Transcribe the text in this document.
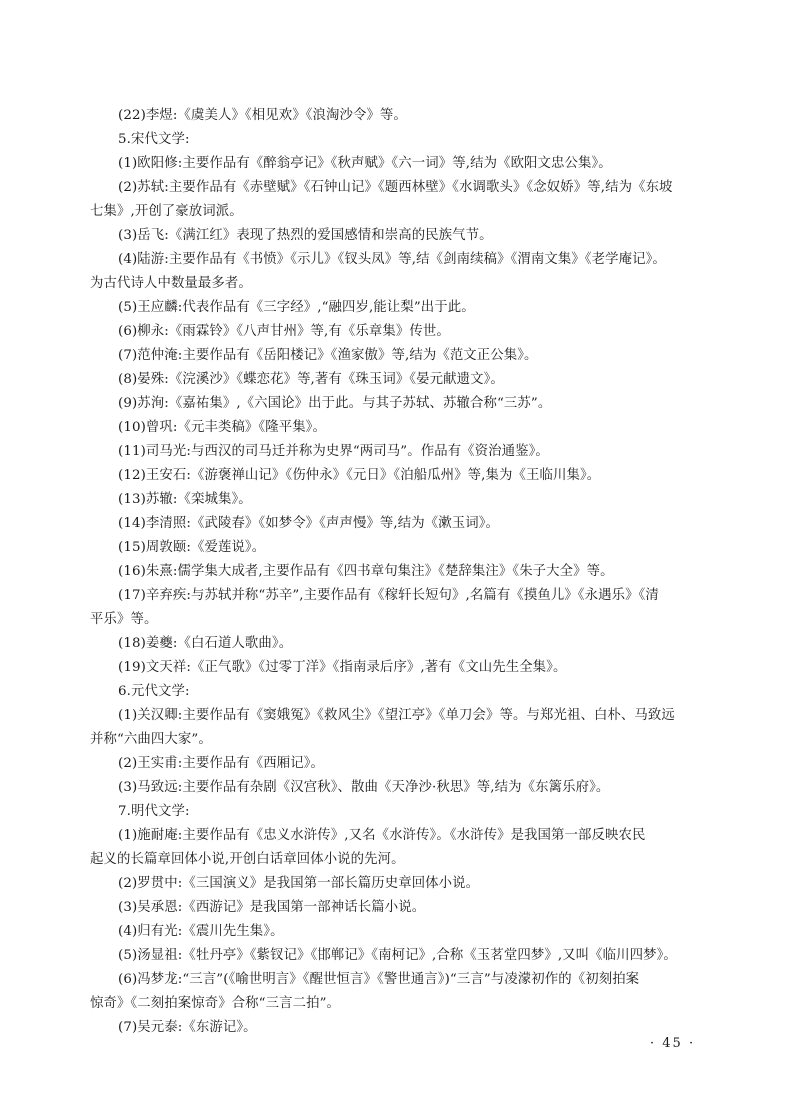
(22)李煜:《虞美人》《相见欢》《浪淘沙令》等。
5.宋代文学:
(1)欧阳修:主要作品有《醉翁亭记》《秋声赋》《六一词》等,结为《欧阳文忠公集》。
(2)苏轼:主要作品有《赤壁赋》《石钟山记》《题西林壁》《水调歌头》《念奴娇》等,结为《东坡
七集》,开创了豪放词派。
(3)岳飞:《满江红》表现了热烈的爱国感情和崇高的民族气节。
(4)陆游:主要作品有《书愤》《示儿》《钗头凤》等,结《剑南续稿》《渭南文集》《老学庵记》。
为古代诗人中数量最多者。
(5)王应麟:代表作品有《三字经》,“融四岁,能让梨”出于此。
(6)柳永:《雨霖铃》《八声甘州》等,有《乐章集》传世。
(7)范仲淹:主要作品有《岳阳楼记》《渔家傲》等,结为《范文正公集》。
(8)晏殊:《浣溪沙》《蝶恋花》等,著有《珠玉词》《晏元献遗文》。
(9)苏洵:《嘉祐集》,《六国论》出于此。与其子苏轼、苏辙合称“三苏”。
(10)曾巩:《元丰类稿》《隆平集》。
(11)司马光:与西汉的司马迁并称为史界“两司马”。作品有《资治通鉴》。
(12)王安石:《游褒禅山记》《伤仲永》《元日》《泊船瓜州》等,集为《王临川集》。
(13)苏辙:《栾城集》。
(14)李清照:《武陵春》《如梦令》《声声慢》等,结为《漱玉词》。
(15)周敦颐:《爱莲说》。
(16)朱熹:儒学集大成者,主要作品有《四书章句集注》《楚辞集注》《朱子大全》等。
(17)辛弃疾:与苏轼并称“苏辛”,主要作品有《稼轩长短句》,名篇有《摸鱼儿》《永遇乐》《清
平乐》等。
(18)姜夔:《白石道人歌曲》。
(19)文天祥:《正气歌》《过零丁洋》《指南录后序》,著有《文山先生全集》。
6.元代文学:
(1)关汉卿:主要作品有《窦娥冤》《救风尘》《望江亭》《单刀会》等。与郑光祖、白朴、马致远
并称“六曲四大家”。
(2)王实甫:主要作品有《西厢记》。
(3)马致远:主要作品有杂剧《汉宫秋》、散曲《天净沙·秋思》等,结为《东篱乐府》。
7.明代文学:
(1)施耐庵:主要作品有《忠义水浒传》,又名《水浒传》。《水浒传》是我国第一部反映农民
起义的长篇章回体小说,开创白话章回体小说的先河。
(2)罗贯中:《三国演义》是我国第一部长篇历史章回体小说。
(3)吴承恩:《西游记》是我国第一部神话长篇小说。
(4)归有光:《震川先生集》。
(5)汤显祖:《牡丹亭》《紫钗记》《邯郸记》《南柯记》,合称《玉茗堂四梦》,又叫《临川四梦》。
(6)冯梦龙:“三言”(《喻世明言》《醒世恒言》《警世通言》)“三言”与凌濛初作的《初刻拍案
惊奇》《二刻拍案惊奇》合称“三言二拍”。
(7)吴元泰:《东游记》。
· 45 ·
